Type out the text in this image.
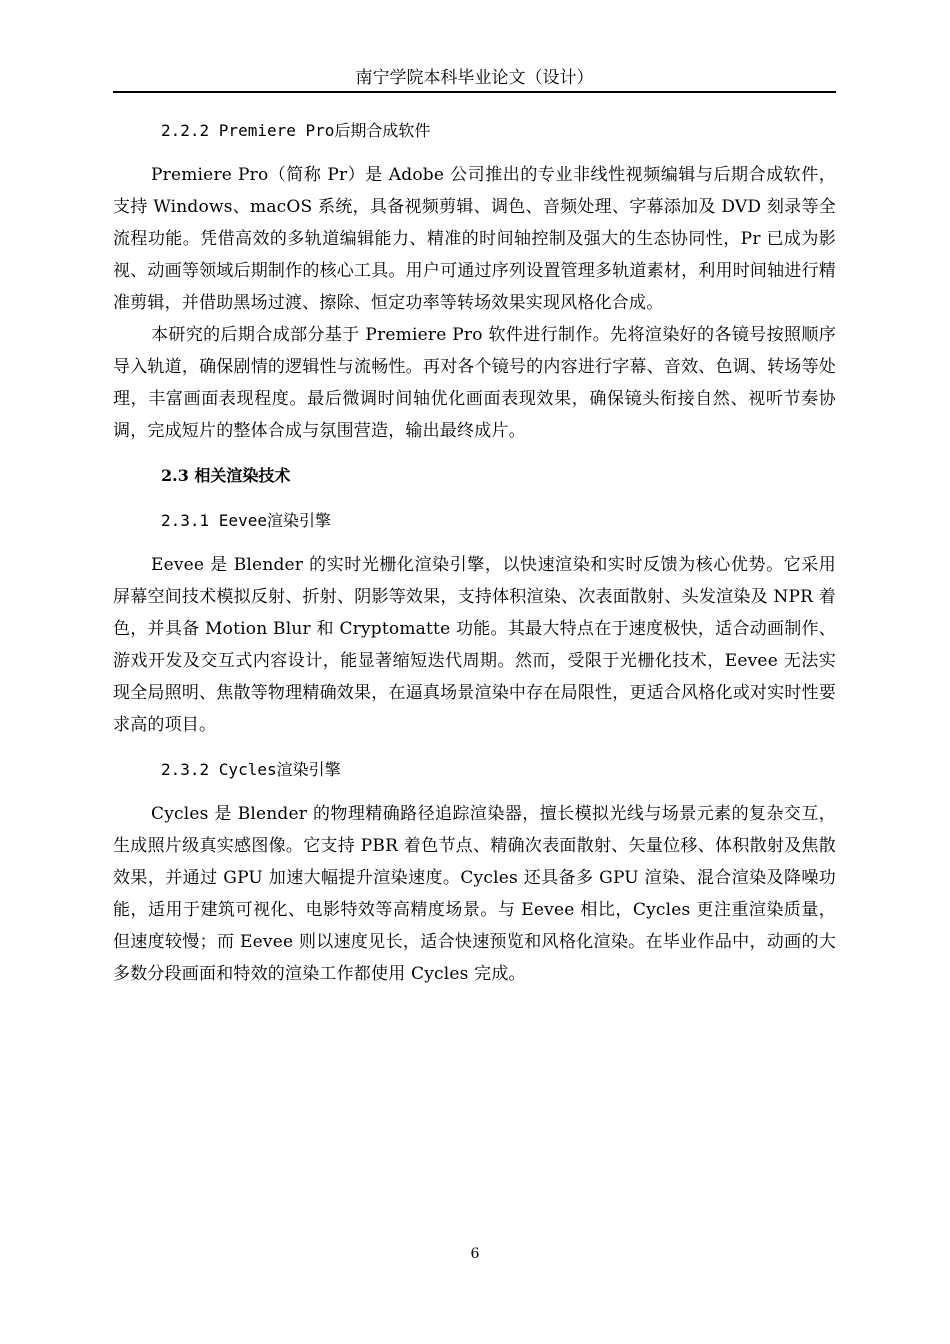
南宁学院本科毕业论文（设计）
2.2.2 Premiere Pro后期合成软件

Premiere Pro（简称 Pr）是 Adobe 公司推出的专业非线性视频编辑与后期合成软件，支持 Windows、macOS 系统，具备视频剪辑、调色、音频处理、字幕添加及 DVD 刻录等全流程功能。凭借高效的多轨道编辑能力、精准的时间轴控制及强大的生态协同性，Pr 已成为影视、动画等领域后期制作的核心工具。用户可通过序列设置管理多轨道素材，利用时间轴进行精准剪辑，并借助黑场过渡、擦除、恒定功率等转场效果实现风格化合成。

本研究的后期合成部分基于 Premiere Pro 软件进行制作。先将渲染好的各镜号按照顺序导入轨道，确保剧情的逻辑性与流畅性。再对各个镜号的内容进行字幕、音效、色调、转场等处理，丰富画面表现程度。最后微调时间轴优化画面表现效果，确保镜头衔接自然、视听节奏协调，完成短片的整体合成与氛围营造，输出最终成片。

2.3 相关渲染技术
2.3.1 Eevee渲染引擎

Eevee 是 Blender 的实时光栅化渲染引擎，以快速渲染和实时反馈为核心优势。它采用屏幕空间技术模拟反射、折射、阴影等效果，支持体积渲染、次表面散射、头发渲染及 NPR 着色，并具备 Motion Blur 和 Cryptomatte 功能。其最大特点在于速度极快，适合动画制作、游戏开发及交互式内容设计，能显著缩短迭代周期。然而，受限于光栅化技术，Eevee 无法实现全局照明、焦散等物理精确效果，在逼真场景渲染中存在局限性，更适合风格化或对实时性要求高的项目。

2.3.2 Cycles渲染引擎

Cycles 是 Blender 的物理精确路径追踪渲染器，擅长模拟光线与场景元素的复杂交互，生成照片级真实感图像。它支持 PBR 着色节点、精确次表面散射、矢量位移、体积散射及焦散效果，并通过 GPU 加速大幅提升渲染速度。Cycles 还具备多 GPU 渲染、混合渲染及降噪功能，适用于建筑可视化、电影特效等高精度场景。与 Eevee 相比，Cycles 更注重渲染质量，但速度较慢；而 Eevee 则以速度见长，适合快速预览和风格化渲染。在毕业作品中，动画的大多数分段画面和特效的渲染工作都使用 Cycles 完成。

6
